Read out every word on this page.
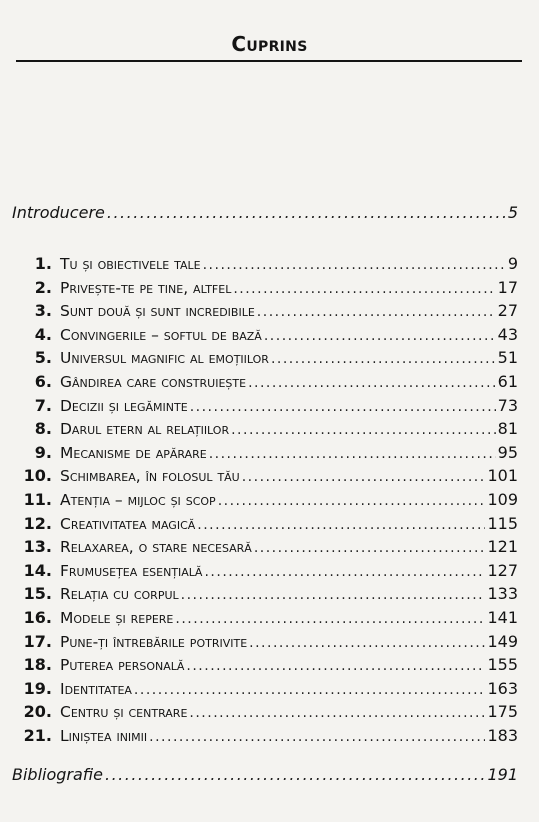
Cuprins
Introducere .....	5
1. Tu și obiectivele tale .....	9
2. Privește-te pe tine, altfel .....	17
3. Sunt două și sunt incredibile .....	27
4. Convingerile – softul de bază .....	43
5. Universul magnific al emoțiilor .....	51
6. Gândirea care construiește .....	61
7. Decizii și legăminte .....	73
8. Darul etern al relațiilor .....	81
9. Mecanisme de apărare .....	95
10. Schimbarea, în folosul tău .....	101
11. Atenția – mijloc și scop .....	109
12. Creativitatea magică .....	115
13. Relaxarea, o stare necesară .....	121
14. Frumusețea esențială .....	127
15. Relația cu corpul .....	133
16. Modele și repere .....	141
17. Pune-ți întrebările potrivite .....	149
18. Puterea personală .....	155
19. Identitatea .....	163
20. Centru și centrare .....	175
21. Liniștea inimii .....	183
Bibliografie .....	191
